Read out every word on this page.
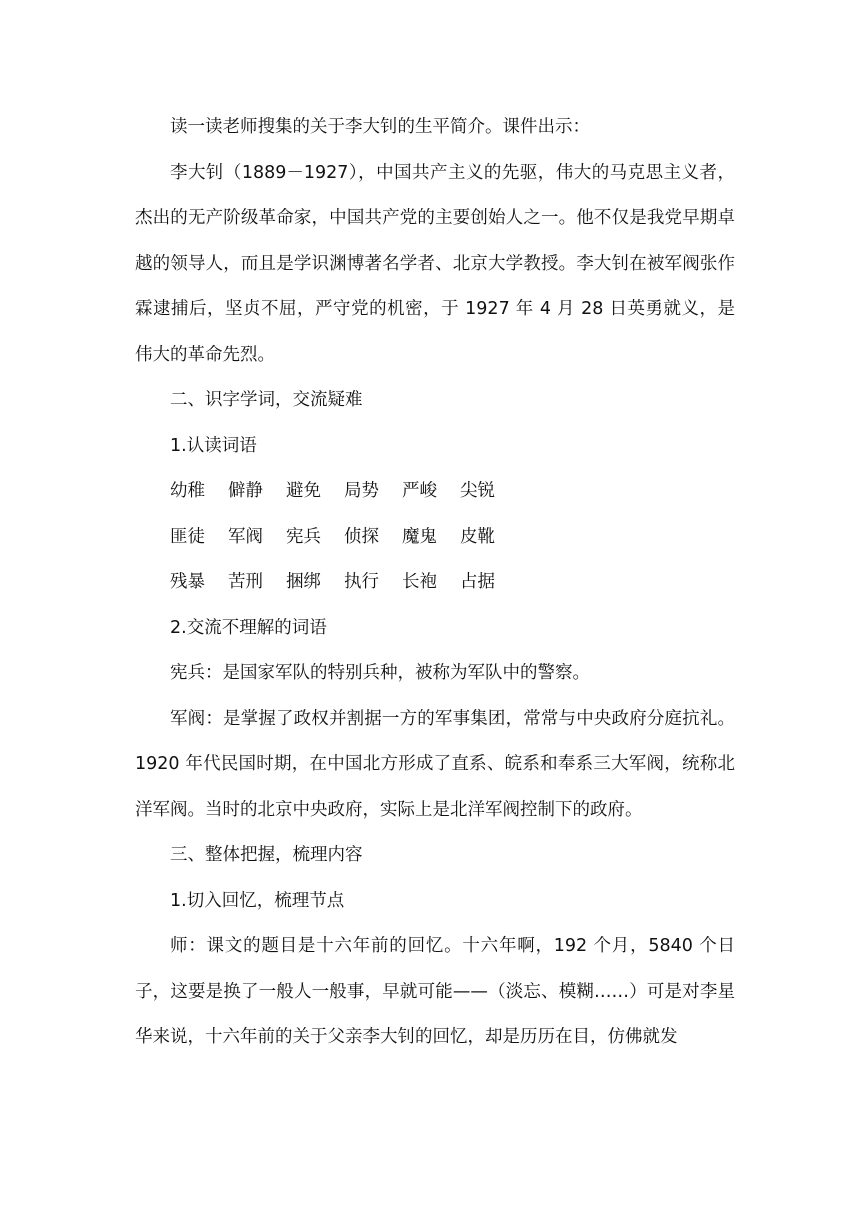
读一读老师搜集的关于李大钊的生平简介。课件出示：

李大钊（1889－1927），中国共产主义的先驱，伟大的马克思主义者，杰出的无产阶级革命家，中国共产党的主要创始人之一。他不仅是我党早期卓越的领导人，而且是学识渊博著名学者、北京大学教授。李大钊在被军阀张作霖逮捕后，坚贞不屈，严守党的机密，于 1927 年 4 月 28 日英勇就义，是伟大的革命先烈。

二、识字学词，交流疑难

1.认读词语

幼稚	僻静	避免	局势	严峻	尖锐
匪徒	军阀	宪兵	侦探	魔鬼	皮靴
残暴	苦刑	捆绑	执行	长袍	占据

2.交流不理解的词语

宪兵：是国家军队的特别兵种，被称为军队中的警察。

军阀：是掌握了政权并割据一方的军事集团，常常与中央政府分庭抗礼。1920 年代民国时期，在中国北方形成了直系、皖系和奉系三大军阀，统称北洋军阀。当时的北京中央政府，实际上是北洋军阀控制下的政府。

三、整体把握，梳理内容

1.切入回忆，梳理节点

师：课文的题目是十六年前的回忆。十六年啊，192 个月，5840 个日子，这要是换了一般人一般事，早就可能——（淡忘、模糊……）可是对李星华来说，十六年前的关于父亲李大钊的回忆，却是历历在目，仿佛就发
